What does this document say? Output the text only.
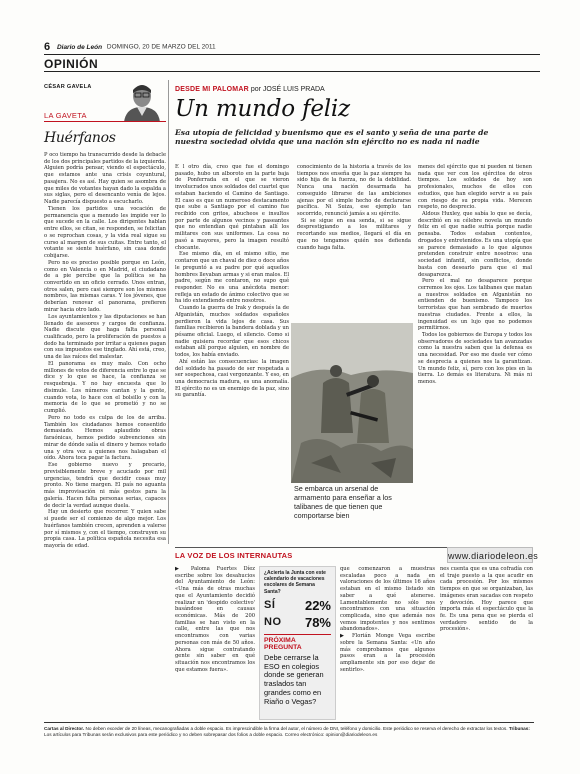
6 Diario de León DOMINGO, 20 DE MARZO DEL 2011
OPINIÓN
CÉSAR GAVELA
LA GAVETA
Huérfanos

P oco tiempo ha transcurrido desde la debacle de los dos principales partidos de la izquierda. Alguien podría pensar, viendo el espectáculo, que estamos ante una crisis coyuntural, pasajera. No es así. Hay quien se asombra de que miles de votantes hayan dado la espalda a sus siglas, pero el desencanto venía de lejos. Nadie parecía dispuesto a escucharlo.

Tienen los partidos una vocación de permanencia que a menudo les impide ver lo que sucede en la calle. Los dirigentes hablan entre ellos, se citan, se responden, se felicitan o se reprochan cosas, y la vida real sigue su curso al margen de sus cuitas. Entre tanto, el votante se siente huérfano, sin casa donde cobijarse.

Pero no es preciso posible porque en León, como en Valencia o en Madrid, el ciudadano de a pie percibe que la política se ha convertido en un oficio cerrado. Unos entran, otros salen, pero casi siempre son los mismos nombres, las mismas caras. Y los jóvenes, que deberían renovar el panorama, prefieren mirar hacia otro lado.

Los ayuntamientos y las diputaciones se han llenado de asesores y cargos de confianza. Nadie discute que haga falta personal cualificado, pero la proliferación de puestos a dedo ha terminado por irritar a quienes pagan con sus impuestos ese tinglado. Ahí está, creo, una de las raíces del malestar.

El panorama es muy malo. Con ocho millones de votos de diferencia entre lo que se dice y lo que se hace, la confianza se resquebraja. Y no hay encuesta que lo disimule. Los números cantan y la gente, cuando vota, lo hace con el bolsillo y con la memoria de lo que se prometió y no se cumplió.

Pero no todo es culpa de los de arriba. También los ciudadanos hemos consentido demasiado. Hemos aplaudido obras faraónicas, hemos pedido subvenciones sin mirar de dónde salía el dinero y hemos votado una y otra vez a quienes nos halagaban el oído. Ahora toca pagar la factura.

Ese gobierno nuevo y precario, previsiblemente breve y acuciado por mil urgencias, tendrá que decidir cosas muy pronto. No tiene margen. El país no aguanta más improvisación ni más gestos para la galería. Hacen falta personas serias, capaces de decir la verdad aunque duela.

Hay un desierto que recorrer. Y quien sabe si puede ser el comienzo de algo mejor. Los huérfanos también crecen, aprenden a valerse por sí mismos y, con el tiempo, construyen su propia casa. La política española necesita esa mayoría de edad.

DESDE MI PALOMAR por JOSÉ LUIS PRADA
Un mundo feliz
Esa utopía de felicidad y buenismo que es el santo y seña de una parte de nuestra sociedad olvida que una nación sin ejército no es nada ni nadie

E l otro día, creo que fue el domingo pasado, hubo un alboroto en la parte baja de Ponferrada en el que se vieron involucrados unos soldados del cuartel que estaban haciendo el Camino de Santiago. El caso es que un numeroso destacamento que sube a Santiago por el camino fue recibido con gritos, abucheos e insultos por parte de algunos vecinos y paseantes que no entendían qué pintaban allí los militares con sus uniformes. La cosa no pasó a mayores, pero la imagen resultó chocante.

Ese mismo día, en el mismo sitio, me contaron que un chaval de diez o doce años le preguntó a su padre por qué aquellos hombres llevaban armas y si eran malos. El padre, según me contaron, no supo qué responder. No es una anécdota menor: refleja un estado de ánimo colectivo que se ha ido extendiendo entre nosotros.

Cuando la guerra de Irak y después la de Afganistán, muchos soldados españoles perdieron la vida lejos de casa. Sus familias recibieron la bandera doblada y un pésame oficial. Luego, el silencio. Como si nadie quisiera recordar que esos chicos estaban allí porque alguien, en nombre de todos, los había enviado.

Ahí están las consecuencias: la imagen del soldado ha pasado de ser respetada a ser sospechosa, casi vergonzante. Y eso, en una democracia madura, es una anomalía. El ejército no es un enemigo de la paz, sino su garantía.

conocimiento de la historia a través de los tiempos nos enseña que la paz siempre ha sido hija de la fuerza, no de la debilidad. Nunca una nación desarmada ha conseguido librarse de las ambiciones ajenas por el simple hecho de declararse pacífica. Ni Suiza, ese ejemplo tan socorrido, renunció jamás a su ejército.

Si se sigue en esa senda, si se sigue desprestigiando a los militares y recortando sus medios, llegará el día en que no tengamos quién nos defienda cuando haga falta.

menes del ejército que ni pueden ni tienen nada que ver con los ejércitos de otros tiempos. Los soldados de hoy son profesionales, muchos de ellos con estudios, que han elegido servir a su país con riesgo de su propia vida. Merecen respeto, no desprecio.

Aldous Huxley, que sabía lo que se decía, describió en su célebre novela un mundo feliz en el que nadie sufría porque nadie pensaba. Todos estaban contentos, drogados y entretenidos. Es una utopía que se parece demasiado a lo que algunos pretenden construir entre nosotros: una sociedad infantil, sin conflictos, donde basta con desearlo para que el mal desaparezca.

Pero el mal no desaparece porque cerremos los ojos. Los talibanes que matan a nuestros soldados en Afganistán no entienden de buenismo. Tampoco los terroristas que han sembrado de muertos nuestras ciudades. Frente a ellos, la ingenuidad es un lujo que no podemos permitirnos.

Todos los gobiernos de Europa y todos los observadores de sociedades tan avanzadas como la nuestra saben que la defensa es una necesidad. Por eso me duele ver cómo se desprecia a quienes nos la garantizan. Un mundo feliz, sí, pero con los pies en la tierra. Lo demás es literatura. Ni más ni menos.

Se embarca un arsenal de armamento para enseñar a los talibanes de que tienen que comportarse bien
LA VOZ DE LOS INTERNAUTAS	www.diariodeleon.es

▶ Paloma Fuertes Díez escribe sobre los desahucios del Ayuntamiento de León: «Una más de otras muchas que el Ayuntamiento decidió realizar un 'despido colectivo' basándose en causas económicas. Más de 200 familias se han visto en la calle, entre las que nos encontramos con varias personas con más de 50 años. Ahora sigue contratando gente sin saber en qué situación nos encontramos los que estamos fuera».

¿Acierta la Junta con este calendario de vacaciones escolares de Semana Santa?
SÍ 22%
NO 78%
PRÓXIMA PREGUNTA
Debe cerrarse la ESO en colegios donde se generan traslados tan grandes como en Riaño o Vegas?

que comenzaron a muestras escaladas poco a nada en valoraciones de los últimos 16 años estaban en el mismo listado sin saber a qué atenerse. Lamentablemente no sólo nos encontramos con una situación complicada, sino que además nos vemos impotentes y nos sentimos abandonados».

▶ Florián Monge Vega escribe sobre la Semana Santa: «Un año más comprobamos que algunos pasos eran a la procesión ampliamente sin por eso dejar de sentirlo».

nes cuenta que es una cofradía con el traje puesto a la que acudir en cada procesión. Por los mismos tiempos en que se organizaban, las imágenes eran sacadas con respeto y devoción. Hoy parece que importa más el espectáculo que la fe. Es una pena que se pierda el verdadero sentido de la procesión».

Cartas al Director. No deben exceder de 20 líneas, mecanografiadas a doble espacio. Es imprescindible la firma del autor, el número de DNI, teléfono y domicilio. Este periódico se reserva el derecho de extractar los textos. Tribunas: Los artículos para Tribunas serán exclusivos para este periódico y no deben sobrepasar dos folios a doble espacio. Correo electrónico: opinion@diariodeleon.es
